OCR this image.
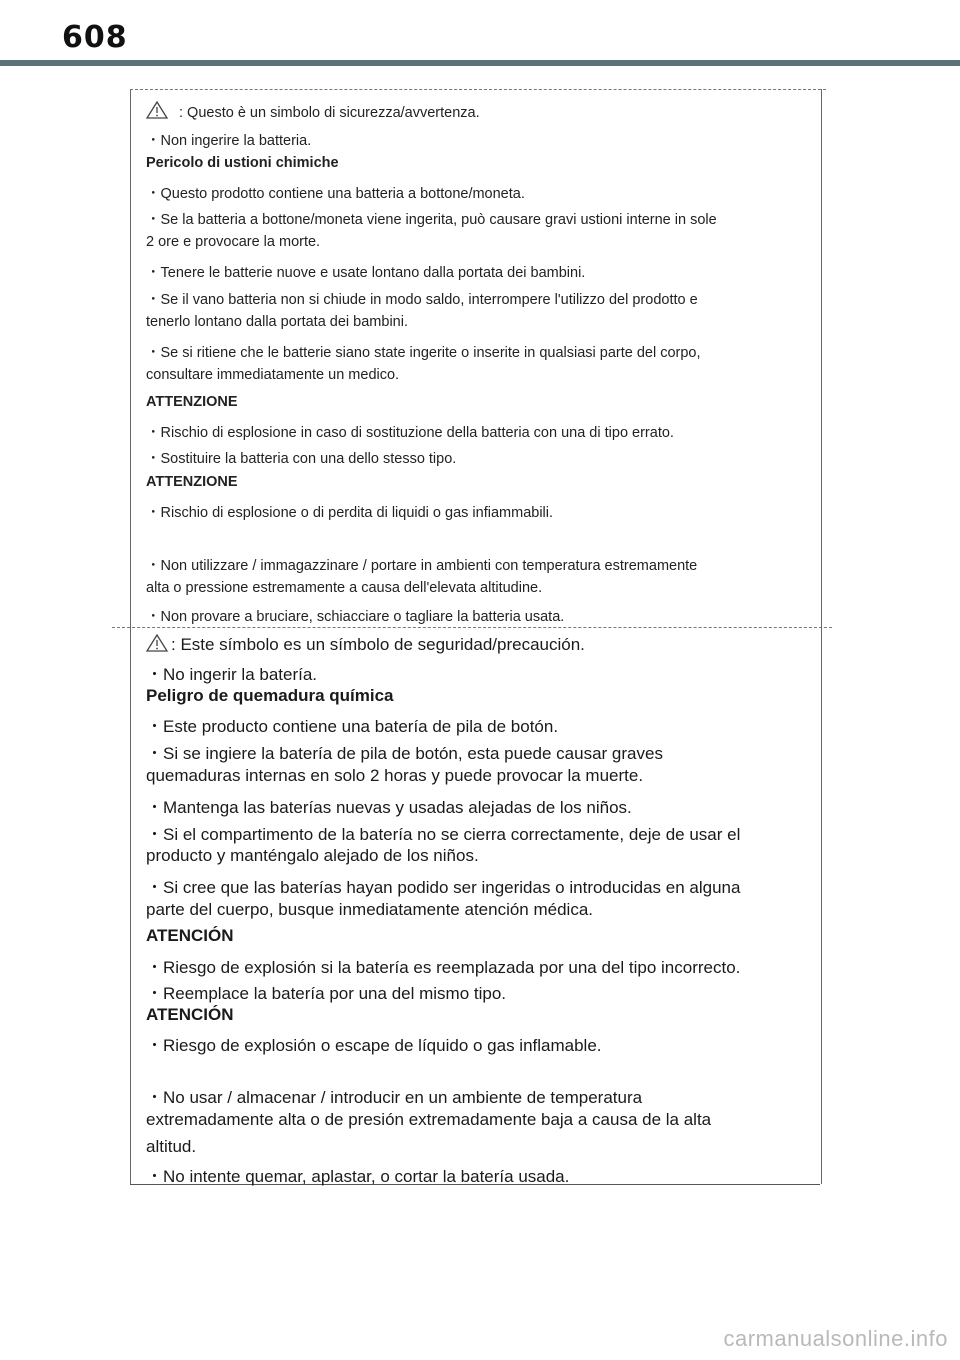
608
: Questo è un simbolo di sicurezza/avvertenza.
・Non ingerire la batteria.
Pericolo di ustioni chimiche
・Questo prodotto contiene una batteria a bottone/moneta.
・Se la batteria a bottone/moneta viene ingerita, può causare gravi ustioni interne in sole
2 ore e provocare la morte.
・Tenere le batterie nuove e usate lontano dalla portata dei bambini.
・Se il vano batteria non si chiude in modo saldo, interrompere l'utilizzo del prodotto e
tenerlo lontano dalla portata dei bambini.
・Se si ritiene che le batterie siano state ingerite o inserite in qualsiasi parte del corpo,
consultare immediatamente un medico.
ATTENZIONE
・Rischio di esplosione in caso di sostituzione della batteria con una di tipo errato.
・Sostituire la batteria con una dello stesso tipo.
ATTENZIONE
・Rischio di esplosione o di perdita di liquidi o gas infiammabili.
・Non utilizzare / immagazzinare / portare in ambienti con temperatura estremamente
alta o pressione estremamente a causa dell'elevata altitudine.
・Non provare a bruciare, schiacciare o tagliare la batteria usata.
: Este símbolo es un símbolo de seguridad/precaución.
・No ingerir la batería.
Peligro de quemadura química
・Este producto contiene una batería de pila de botón.
・Si se ingiere la batería de pila de botón, esta puede causar graves
quemaduras internas en solo 2 horas y puede provocar la muerte.
・Mantenga las baterías nuevas y usadas alejadas de los niños.
・Si el compartimento de la batería no se cierra correctamente, deje de usar el
producto y manténgalo alejado de los niños.
・Si cree que las baterías hayan podido ser ingeridas o introducidas en alguna
parte del cuerpo, busque inmediatamente atención médica.
ATENCIÓN
・Riesgo de explosión si la batería es reemplazada por una del tipo incorrecto.
・Reemplace la batería por una del mismo tipo.
ATENCIÓN
・Riesgo de explosión o escape de líquido o gas inflamable.
・No usar / almacenar / introducir en un ambiente de temperatura
extremadamente alta o de presión extremadamente baja a causa de la alta
altitud.
・No intente quemar, aplastar, o cortar la batería usada.
carmanualsonline.info
